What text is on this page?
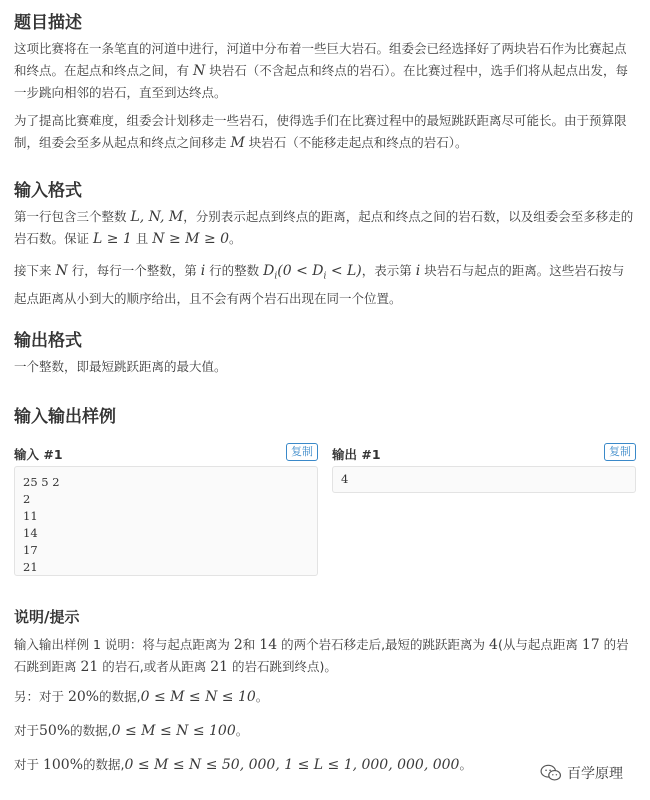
题目描述

这项比赛将在一条笔直的河道中进行，河道中分布着一些巨大岩石。组委会已经选择好了两块岩石作为比赛起点和终点。在起点和终点之间，有 N 块岩石（不含起点和终点的岩石）。在比赛过程中，选手们将从起点出发，每一步跳向相邻的岩石，直至到达终点。

为了提高比赛难度，组委会计划移走一些岩石，使得选手们在比赛过程中的最短跳跃距离尽可能长。由于预算限制，组委会至多从起点和终点之间移走 M 块岩石（不能移走起点和终点的岩石）。

输入格式

第一行包含三个整数 L, N, M，分别表示起点到终点的距离，起点和终点之间的岩石数，以及组委会至多移走的岩石数。保证 L ≥ 1 且 N ≥ M ≥ 0。

接下来 N 行，每行一个整数，第 i 行的整数 $D_i(0 < D_i < L)$，表示第 i 块岩石与起点的距离。这些岩石按与起点距离从小到大的顺序给出，且不会有两个岩石出现在同一个位置。

输出格式

一个整数，即最短跳跃距离的最大值。

输入输出样例
输入 #1	复制
25 5 2
2
11
14
17
21
输出 #1	复制
4
说明/提示

输入输出样例 1 说明：将与起点距离为 2和 14 的两个岩石移走后,最短的跳跃距离为 4(从与起点距离 17 的岩石跳到距离 21 的岩石,或者从距离 21 的岩石跳到终点)。

另：对于 20%的数据,0 ≤ M ≤ N ≤ 10。

对于50%的数据,0 ≤ M ≤ N ≤ 100。

对于 100%的数据,0 ≤ M ≤ N ≤ 50, 000, 1 ≤ L ≤ 1, 000, 000, 000。

百学原理
